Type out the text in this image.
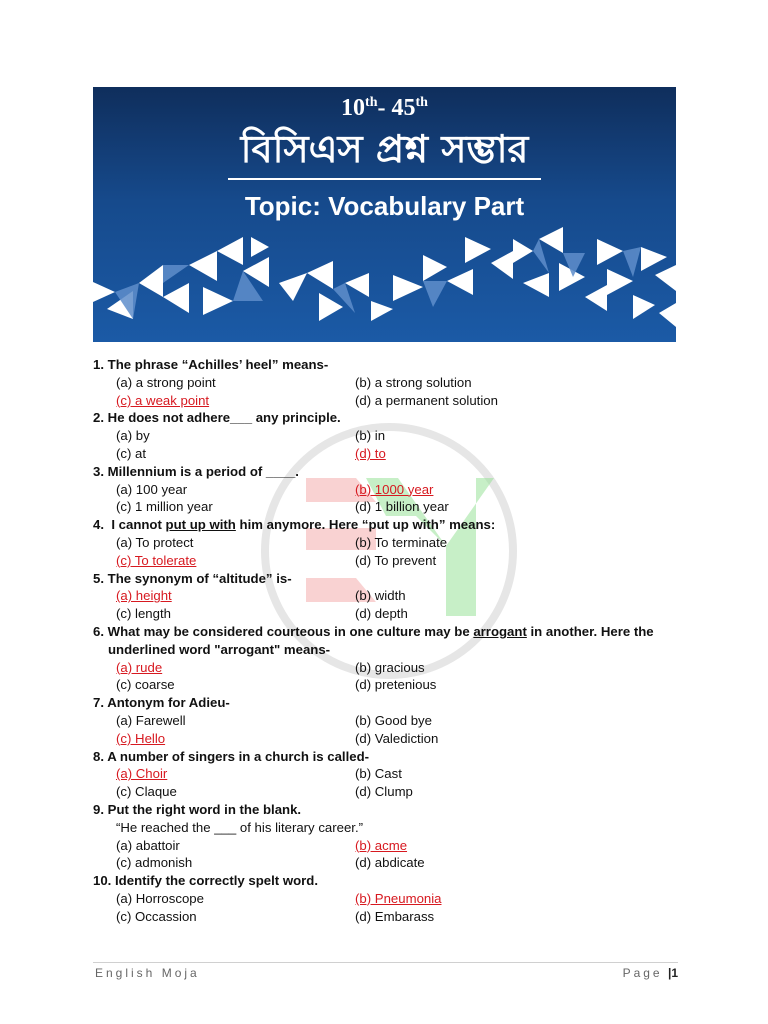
10th- 45th
বিসিএস প্রশ্ন সম্ভার
Topic: Vocabulary Part
1. The phrase “Achilles’ heel” means-
(a) a strong point	(b) a strong solution
(c) a weak point	(d) a permanent solution
2. He does not adhere___ any principle.
(a) by	(b) in
(c) at	(d) to
3. Millennium is a period of ____.
(a) 100 year	(b) 1000 year
(c) 1 million year	(d) 1 billion year
4. I cannot put up with him anymore. Here “put up with” means:
(a) To protect	(b) To terminate
(c) To tolerate	(d) To prevent
5. The synonym of “altitude” is-
(a) height	(b) width
(c) length	(d) depth
6. What may be considered courteous in one culture may be arrogant in another. Here the
underlined word "arrogant" means-
(a) rude	(b) gracious
(c) coarse	(d) pretenious
7. Antonym for Adieu-
(a) Farewell	(b) Good bye
(c) Hello	(d) Valediction
8. A number of singers in a church is called-
(a) Choir	(b) Cast
(c) Claque	(d) Clump
9. Put the right word in the blank.
“He reached the ___ of his literary career.”
(a) abattoir	(b) acme
(c) admonish	(d) abdicate
10. Identify the correctly spelt word.
(a) Horroscope	(b) Pneumonia
(c) Occassion	(d) Embarass
English Moja	Page |1
